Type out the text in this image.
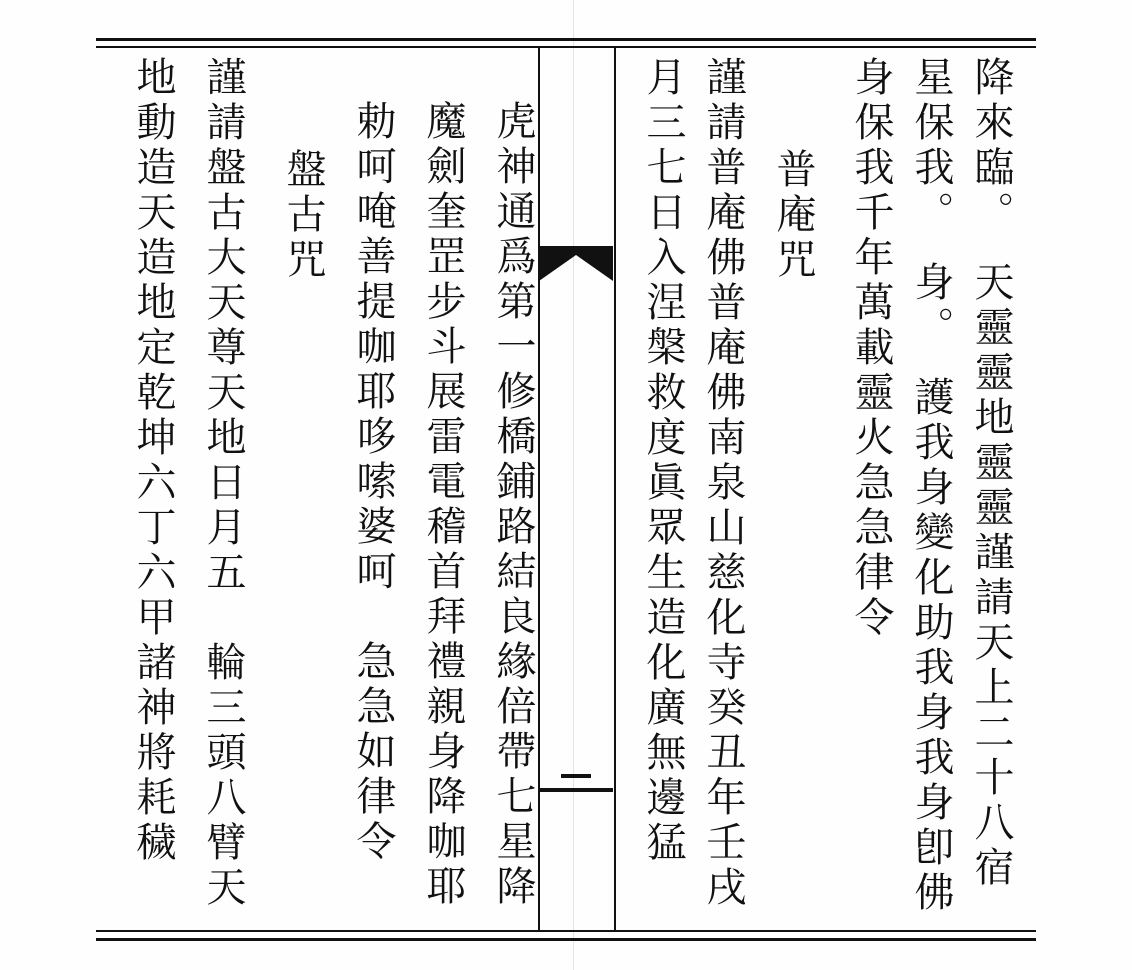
降來臨。　天靈靈地靈靈謹請天上二十八宿
星保我。　身。　護我身變化助我身我身卽佛
身保我千年萬載靈火急急律令
普庵咒
謹請普庵佛普庵佛南泉山慈化寺癸丑年壬戌
月三七日入涅槃救度眞眾生造化廣無邊猛
虎神通爲第一修橋鋪路結良緣倍帶七星降
魔劍奎罡步斗展雷電稽首拜禮親身降咖耶
勅呵唵善提咖耶哆嗦婆呵　急急如律令
盤古咒
謹請盤古大天尊天地日月五　輪三頭八臂天
地動造天造地定乾坤六丁六甲諸神將耗穢
